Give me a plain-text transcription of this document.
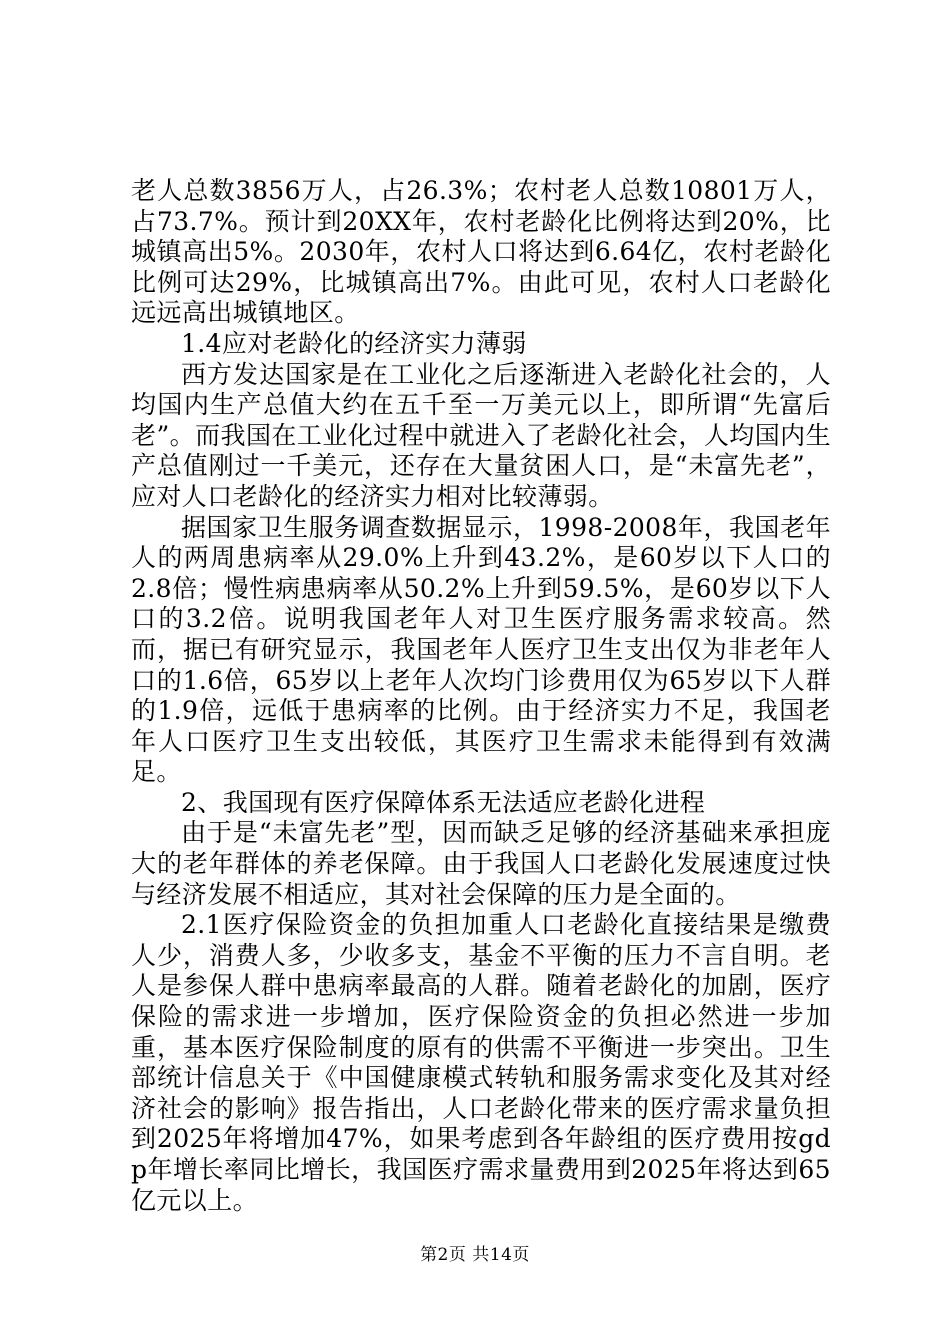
老人总数3856万人，占26.3%；农村老人总数10801万人，占73.7%。预计到20XX年，农村老龄化比例将达到20%，比城镇高出5%。2030年，农村人口将达到6.64亿，农村老龄化比例可达29%，比城镇高出7%。由此可见，农村人口老龄化远远高出城镇地区。

1.4应对老龄化的经济实力薄弱

西方发达国家是在工业化之后逐渐进入老龄化社会的，人均国内生产总值大约在五千至一万美元以上，即所谓“先富后老”。而我国在工业化过程中就进入了老龄化社会，人均国内生产总值刚过一千美元，还存在大量贫困人口，是“未富先老”，应对人口老龄化的经济实力相对比较薄弱。

据国家卫生服务调查数据显示，1998-2008年，我国老年人的两周患病率从29.0%上升到43.2%，是60岁以下人口的2.8倍；慢性病患病率从50.2%上升到59.5%，是60岁以下人口的3.2倍。说明我国老年人对卫生医疗服务需求较高。然而，据已有研究显示，我国老年人医疗卫生支出仅为非老年人口的1.6倍，65岁以上老年人次均门诊费用仅为65岁以下人群的1.9倍，远低于患病率的比例。由于经济实力不足，我国老年人口医疗卫生支出较低，其医疗卫生需求未能得到有效满足。

2、我国现有医疗保障体系无法适应老龄化进程

由于是“未富先老”型，因而缺乏足够的经济基础来承担庞大的老年群体的养老保障。由于我国人口老龄化发展速度过快与经济发展不相适应，其对社会保障的压力是全面的。

2.1医疗保险资金的负担加重人口老龄化直接结果是缴费人少，消费人多，少收多支，基金不平衡的压力不言自明。老人是参保人群中患病率最高的人群。随着老龄化的加剧，医疗保险的需求进一步增加，医疗保险资金的负担必然进一步加重，基本医疗保险制度的原有的供需不平衡进一步突出。卫生部统计信息关于《中国健康模式转轨和服务需求变化及其对经济社会的影响》报告指出，人口老龄化带来的医疗需求量负担到2025年将增加47%，如果考虑到各年龄组的医疗费用按gdp年增长率同比增长，我国医疗需求量费用到2025年将达到65亿元以上。

第2页 共14页
